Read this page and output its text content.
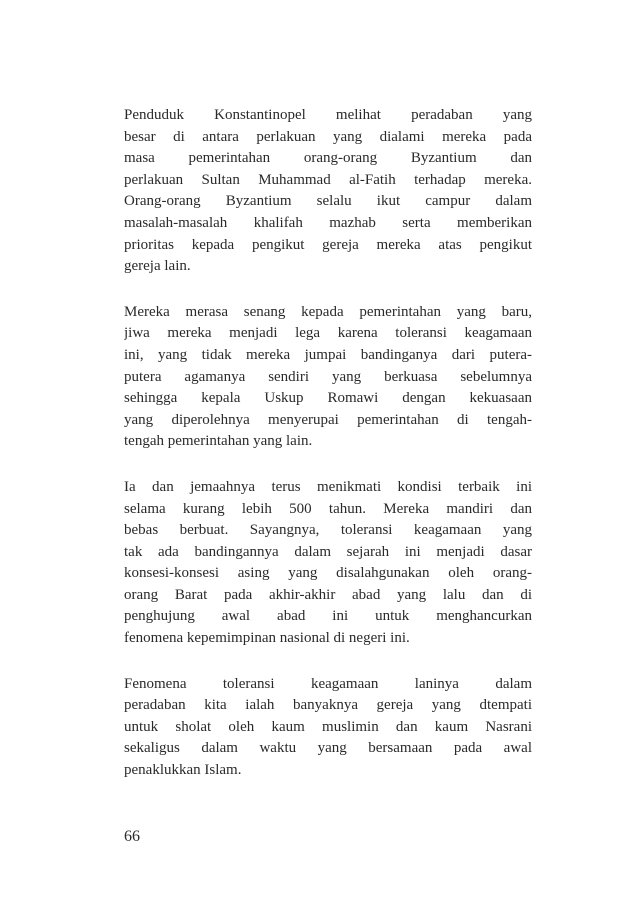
Penduduk Konstantinopel melihat peradaban yang
besar di antara perlakuan yang dialami mereka pada
masa pemerintahan orang-orang Byzantium dan
perlakuan Sultan Muhammad al-Fatih terhadap mereka.
Orang-orang Byzantium selalu ikut campur dalam
masalah-masalah khalifah mazhab serta memberikan
prioritas kepada pengikut gereja mereka atas pengikut
gereja lain.

Mereka merasa senang kepada pemerintahan yang baru,
jiwa mereka menjadi lega karena toleransi keagamaan
ini, yang tidak mereka jumpai bandinganya dari putera-
putera agamanya sendiri yang berkuasa sebelumnya
sehingga kepala Uskup Romawi dengan kekuasaan
yang diperolehnya menyerupai pemerintahan di tengah-
tengah pemerintahan yang lain.

Ia dan jemaahnya terus menikmati kondisi terbaik ini
selama kurang lebih 500 tahun. Mereka mandiri dan
bebas berbuat. Sayangnya, toleransi keagamaan yang
tak ada bandingannya dalam sejarah ini menjadi dasar
konsesi-konsesi asing yang disalahgunakan oleh orang-
orang Barat pada akhir-akhir abad yang lalu dan di
penghujung awal abad ini untuk menghancurkan
fenomena kepemimpinan nasional di negeri ini.

Fenomena toleransi keagamaan laninya dalam
peradaban kita ialah banyaknya gereja yang dtempati
untuk sholat oleh kaum muslimin dan kaum Nasrani
sekaligus dalam waktu yang bersamaan pada awal
penaklukkan Islam.

66
